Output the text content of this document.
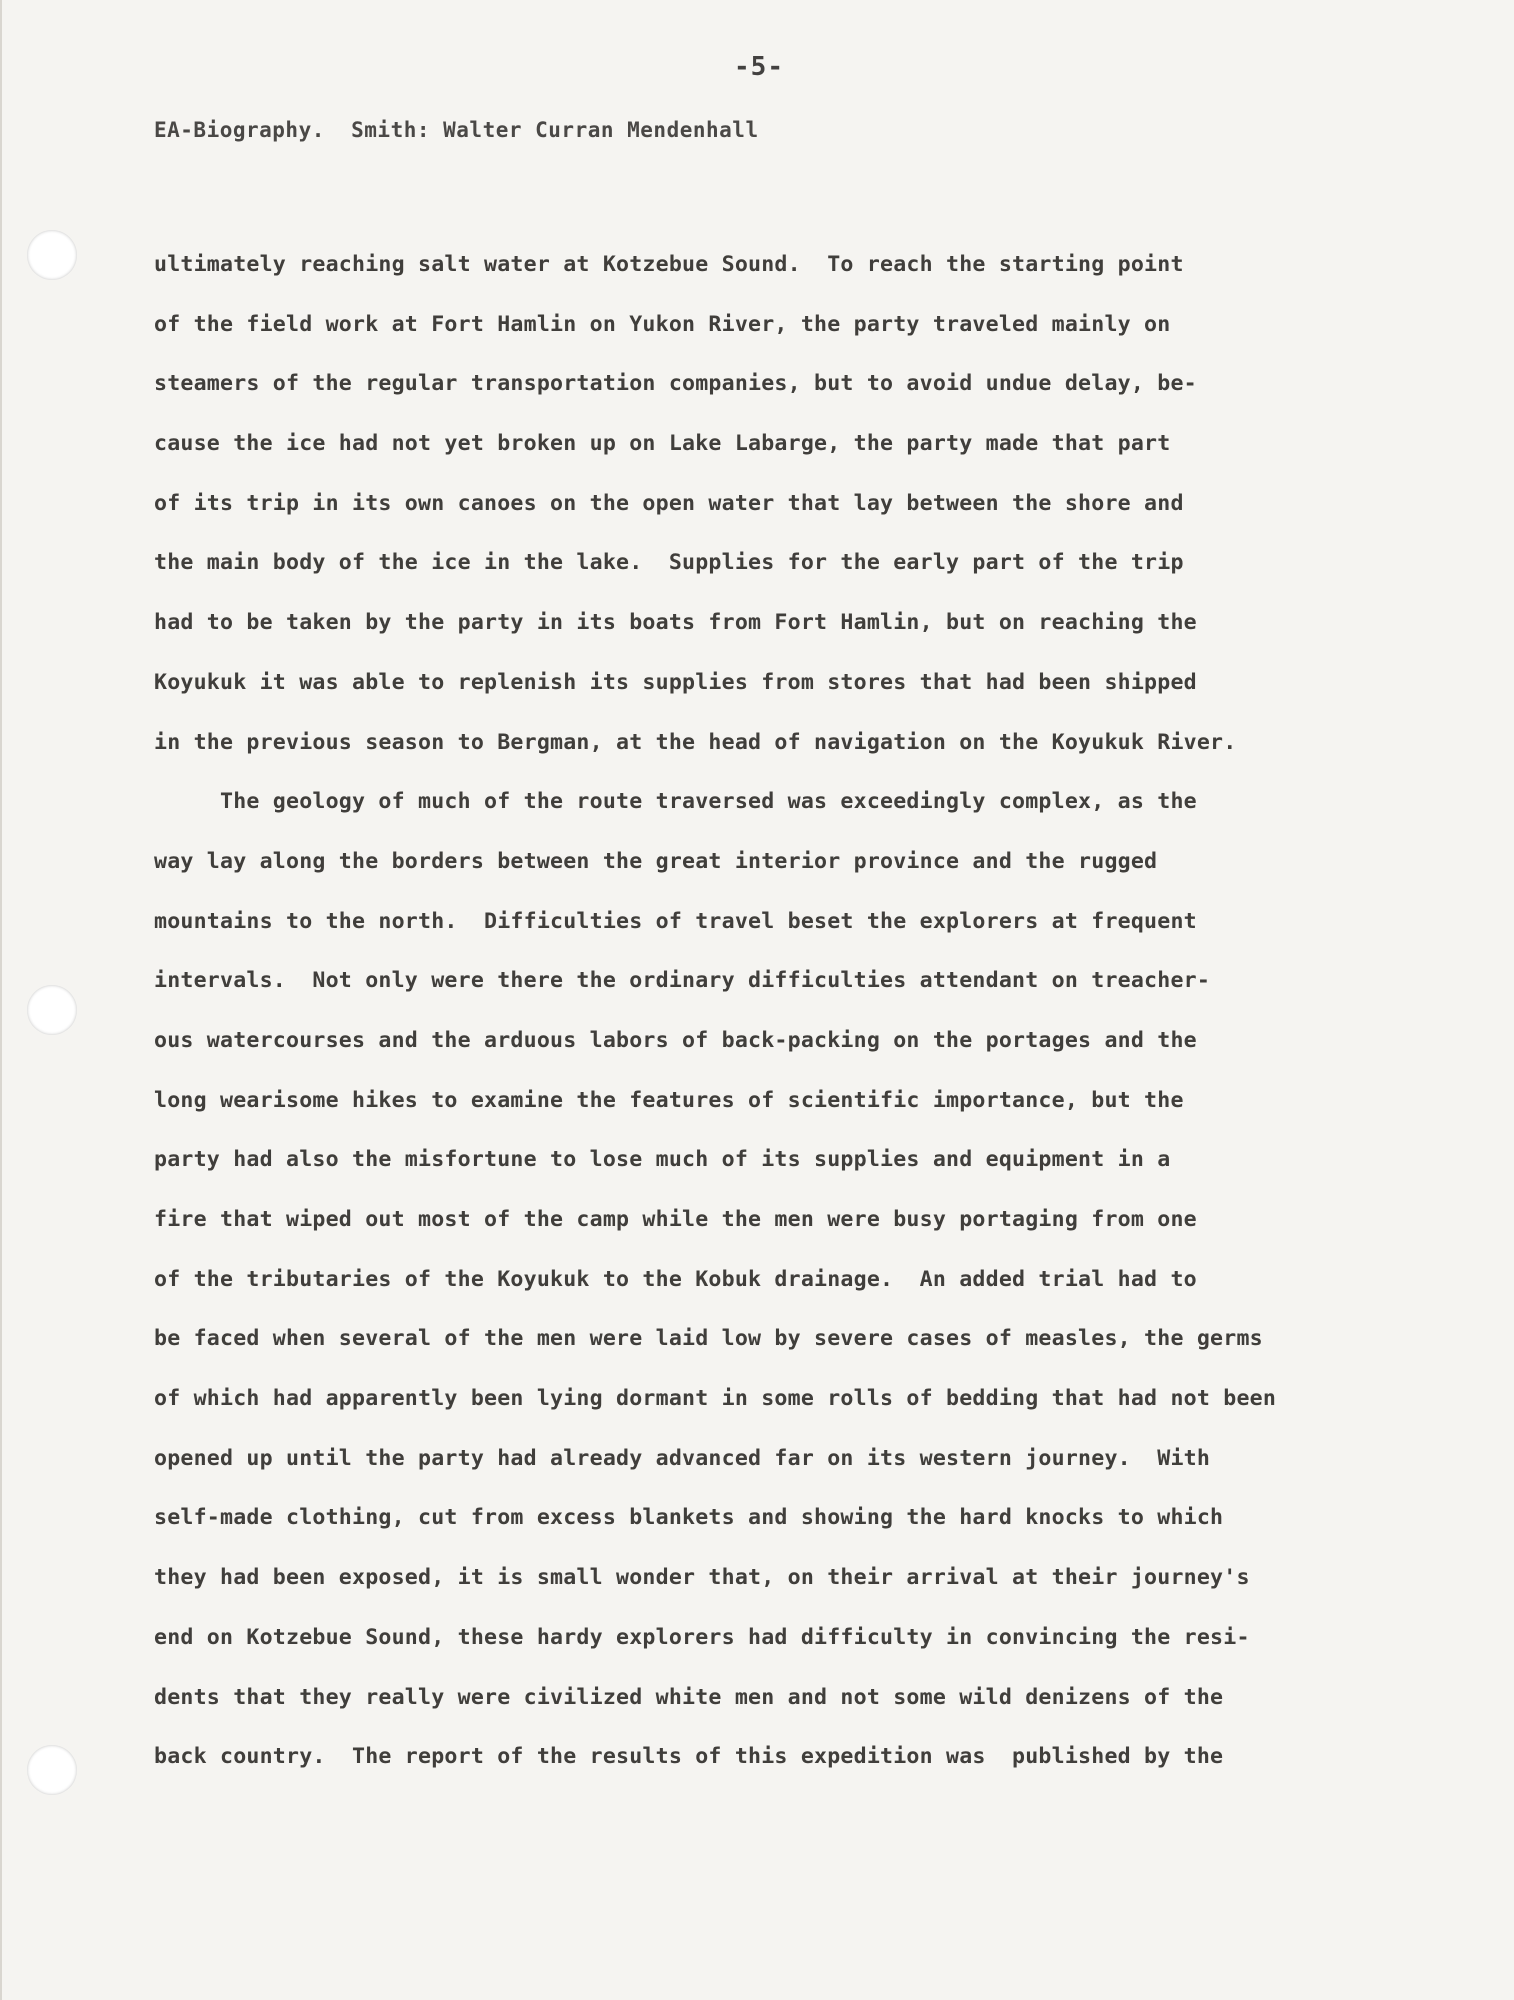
-5-
EA-Biography.  Smith: Walter Curran Mendenhall
ultimately reaching salt water at Kotzebue Sound.  To reach the starting point
of the field work at Fort Hamlin on Yukon River, the party traveled mainly on
steamers of the regular transportation companies, but to avoid undue delay, be-
cause the ice had not yet broken up on Lake Labarge, the party made that part
of its trip in its own canoes on the open water that lay between the shore and
the main body of the ice in the lake.  Supplies for the early part of the trip
had to be taken by the party in its boats from Fort Hamlin, but on reaching the
Koyukuk it was able to replenish its supplies from stores that had been shipped
in the previous season to Bergman, at the head of navigation on the Koyukuk River.
The geology of much of the route traversed was exceedingly complex, as the
way lay along the borders between the great interior province and the rugged
mountains to the north.  Difficulties of travel beset the explorers at frequent
intervals.  Not only were there the ordinary difficulties attendant on treacher-
ous watercourses and the arduous labors of back-packing on the portages and the
long wearisome hikes to examine the features of scientific importance, but the
party had also the misfortune to lose much of its supplies and equipment in a
fire that wiped out most of the camp while the men were busy portaging from one
of the tributaries of the Koyukuk to the Kobuk drainage.  An added trial had to
be faced when several of the men were laid low by severe cases of measles, the germs
of which had apparently been lying dormant in some rolls of bedding that had not been
opened up until the party had already advanced far on its western journey.  With
self-made clothing, cut from excess blankets and showing the hard knocks to which
they had been exposed, it is small wonder that, on their arrival at their journey's
end on Kotzebue Sound, these hardy explorers had difficulty in convincing the resi-
dents that they really were civilized white men and not some wild denizens of the
back country.  The report of the results of this expedition was  published by the
